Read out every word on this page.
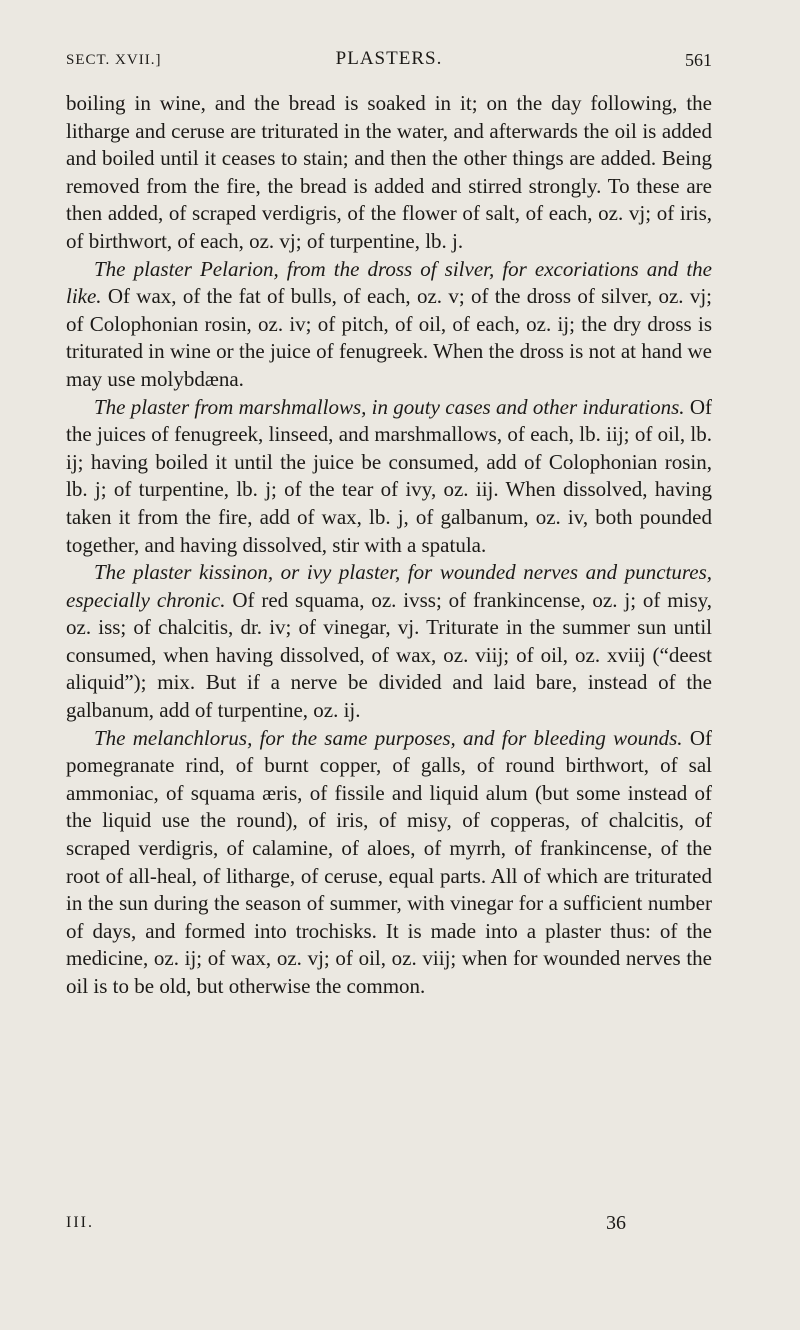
SECT. XVII.]	PLASTERS.	561

boiling in wine, and the bread is soaked in it; on the day following, the litharge and ceruse are triturated in the water, and afterwards the oil is added and boiled until it ceases to stain; and then the other things are added. Being removed from the fire, the bread is added and stirred strongly. To these are then added, of scraped verdigris, of the flower of salt, of each, oz. vj; of iris, of birthwort, of each, oz. vj; of turpentine, lb. j.

The plaster Pelarion, from the dross of silver, for excoriations and the like. Of wax, of the fat of bulls, of each, oz. v; of the dross of silver, oz. vj; of Colophonian rosin, oz. iv; of pitch, of oil, of each, oz. ij; the dry dross is triturated in wine or the juice of fenugreek. When the dross is not at hand we may use molybdæna.

The plaster from marshmallows, in gouty cases and other indurations. Of the juices of fenugreek, linseed, and marshmallows, of each, lb. iij; of oil, lb. ij; having boiled it until the juice be consumed, add of Colophonian rosin, lb. j; of turpentine, lb. j; of the tear of ivy, oz. iij. When dissolved, having taken it from the fire, add of wax, lb. j, of galbanum, oz. iv, both pounded together, and having dissolved, stir with a spatula.

The plaster kissinon, or ivy plaster, for wounded nerves and punctures, especially chronic. Of red squama, oz. ivss; of frankincense, oz. j; of misy, oz. iss; of chalcitis, dr. iv; of vinegar, vj. Triturate in the summer sun until consumed, when having dissolved, of wax, oz. viij; of oil, oz. xviij (“deest aliquid”); mix. But if a nerve be divided and laid bare, instead of the galbanum, add of turpentine, oz. ij.

The melanchlorus, for the same purposes, and for bleeding wounds. Of pomegranate rind, of burnt copper, of galls, of round birthwort, of sal ammoniac, of squama æris, of fissile and liquid alum (but some instead of the liquid use the round), of iris, of misy, of copperas, of chalcitis, of scraped verdigris, of calamine, of aloes, of myrrh, of frankincense, of the root of all-heal, of litharge, of ceruse, equal parts. All of which are triturated in the sun during the season of summer, with vinegar for a sufficient number of days, and formed into trochisks. It is made into a plaster thus: of the medicine, oz. ij; of wax, oz. vj; of oil, oz. viij; when for wounded nerves the oil is to be old, but otherwise the common.

III.	36
